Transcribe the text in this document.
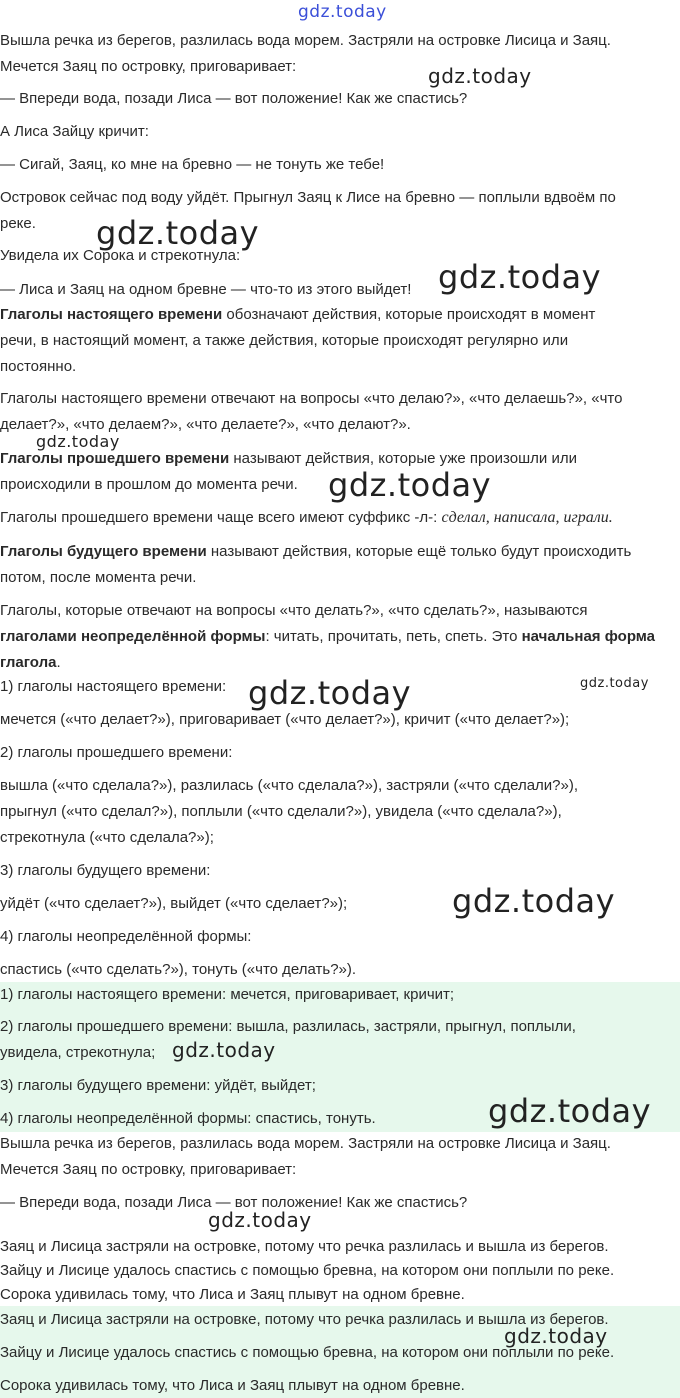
Вышла речка из берегов, разлилась вода морем. Застряли на островке Лисица и Заяц.
Мечется Заяц по островку, приговаривает:
— Впереди вода, позади Лиса — вот положение! Как же спастись?
А Лиса Зайцу кричит:
— Сигай, Заяц, ко мне на бревно — не тонуть же тебе!
Островок сейчас под воду уйдёт. Прыгнул Заяц к Лисе на бревно — поплыли вдвоём по
реке.
Увидела их Сорока и стрекотнула:
— Лиса и Заяц на одном бревне — что-то из этого выйдет!
Глаголы настоящего времени обозначают действия, которые происходят в момент
речи, в настоящий момент, а также действия, которые происходят регулярно или
постоянно.
Глаголы настоящего времени отвечают на вопросы «что делаю?», «что делаешь?», «что
делает?», «что делаем?», «что делаете?», «что делают?».
Глаголы прошедшего времени называют действия, которые уже произошли или
происходили в прошлом до момента речи.
Глаголы прошедшего времени чаще всего имеют суффикс -л-: сделал, написала, играли.
Глаголы будущего времени называют действия, которые ещё только будут происходить
потом, после момента речи.
Глаголы, которые отвечают на вопросы «что делать?», «что сделать?», называются
глаголами неопределённой формы: читать, прочитать, петь, спеть. Это начальная форма
глагола.
1) глаголы настоящего времени:
мечется («что делает?»), приговаривает («что делает?»), кричит («что делает?»);
2) глаголы прошедшего времени:
вышла («что сделала?»), разлилась («что сделала?»), застряли («что сделали?»),
прыгнул («что сделал?»), поплыли («что сделали?»), увидела («что сделала?»),
стрекотнула («что сделала?»);
3) глаголы будущего времени:
уйдёт («что сделает?»), выйдет («что сделает?»);
4) глаголы неопределённой формы:
спастись («что сделать?»), тонуть («что делать?»).
1) глаголы настоящего времени: мечется, приговаривает, кричит;
2) глаголы прошедшего времени: вышла, разлилась, застряли, прыгнул, поплыли,
увидела, стрекотнула;
3) глаголы будущего времени: уйдёт, выйдет;
4) глаголы неопределённой формы: спастись, тонуть.
Вышла речка из берегов, разлилась вода морем. Застряли на островке Лисица и Заяц.
Мечется Заяц по островку, приговаривает:
— Впереди вода, позади Лиса — вот положение! Как же спастись?
Заяц и Лисица застряли на островке, потому что речка разлилась и вышла из берегов.
Зайцу и Лисице удалось спастись с помощью бревна, на котором они поплыли по реке.
Сорока удивилась тому, что Лиса и Заяц плывут на одном бревне.
Заяц и Лисица застряли на островке, потому что речка разлилась и вышла из берегов.
Зайцу и Лисице удалось спастись с помощью бревна, на котором они поплыли по реке.
Сорока удивилась тому, что Лиса и Заяц плывут на одном бревне.
gdz.today
gdz.today
gdz.today
gdz.today
gdz.today
gdz.today
gdz.today	gdz.today
gdz.today
gdz.today
gdz.today
gdz.today
gdz.today
